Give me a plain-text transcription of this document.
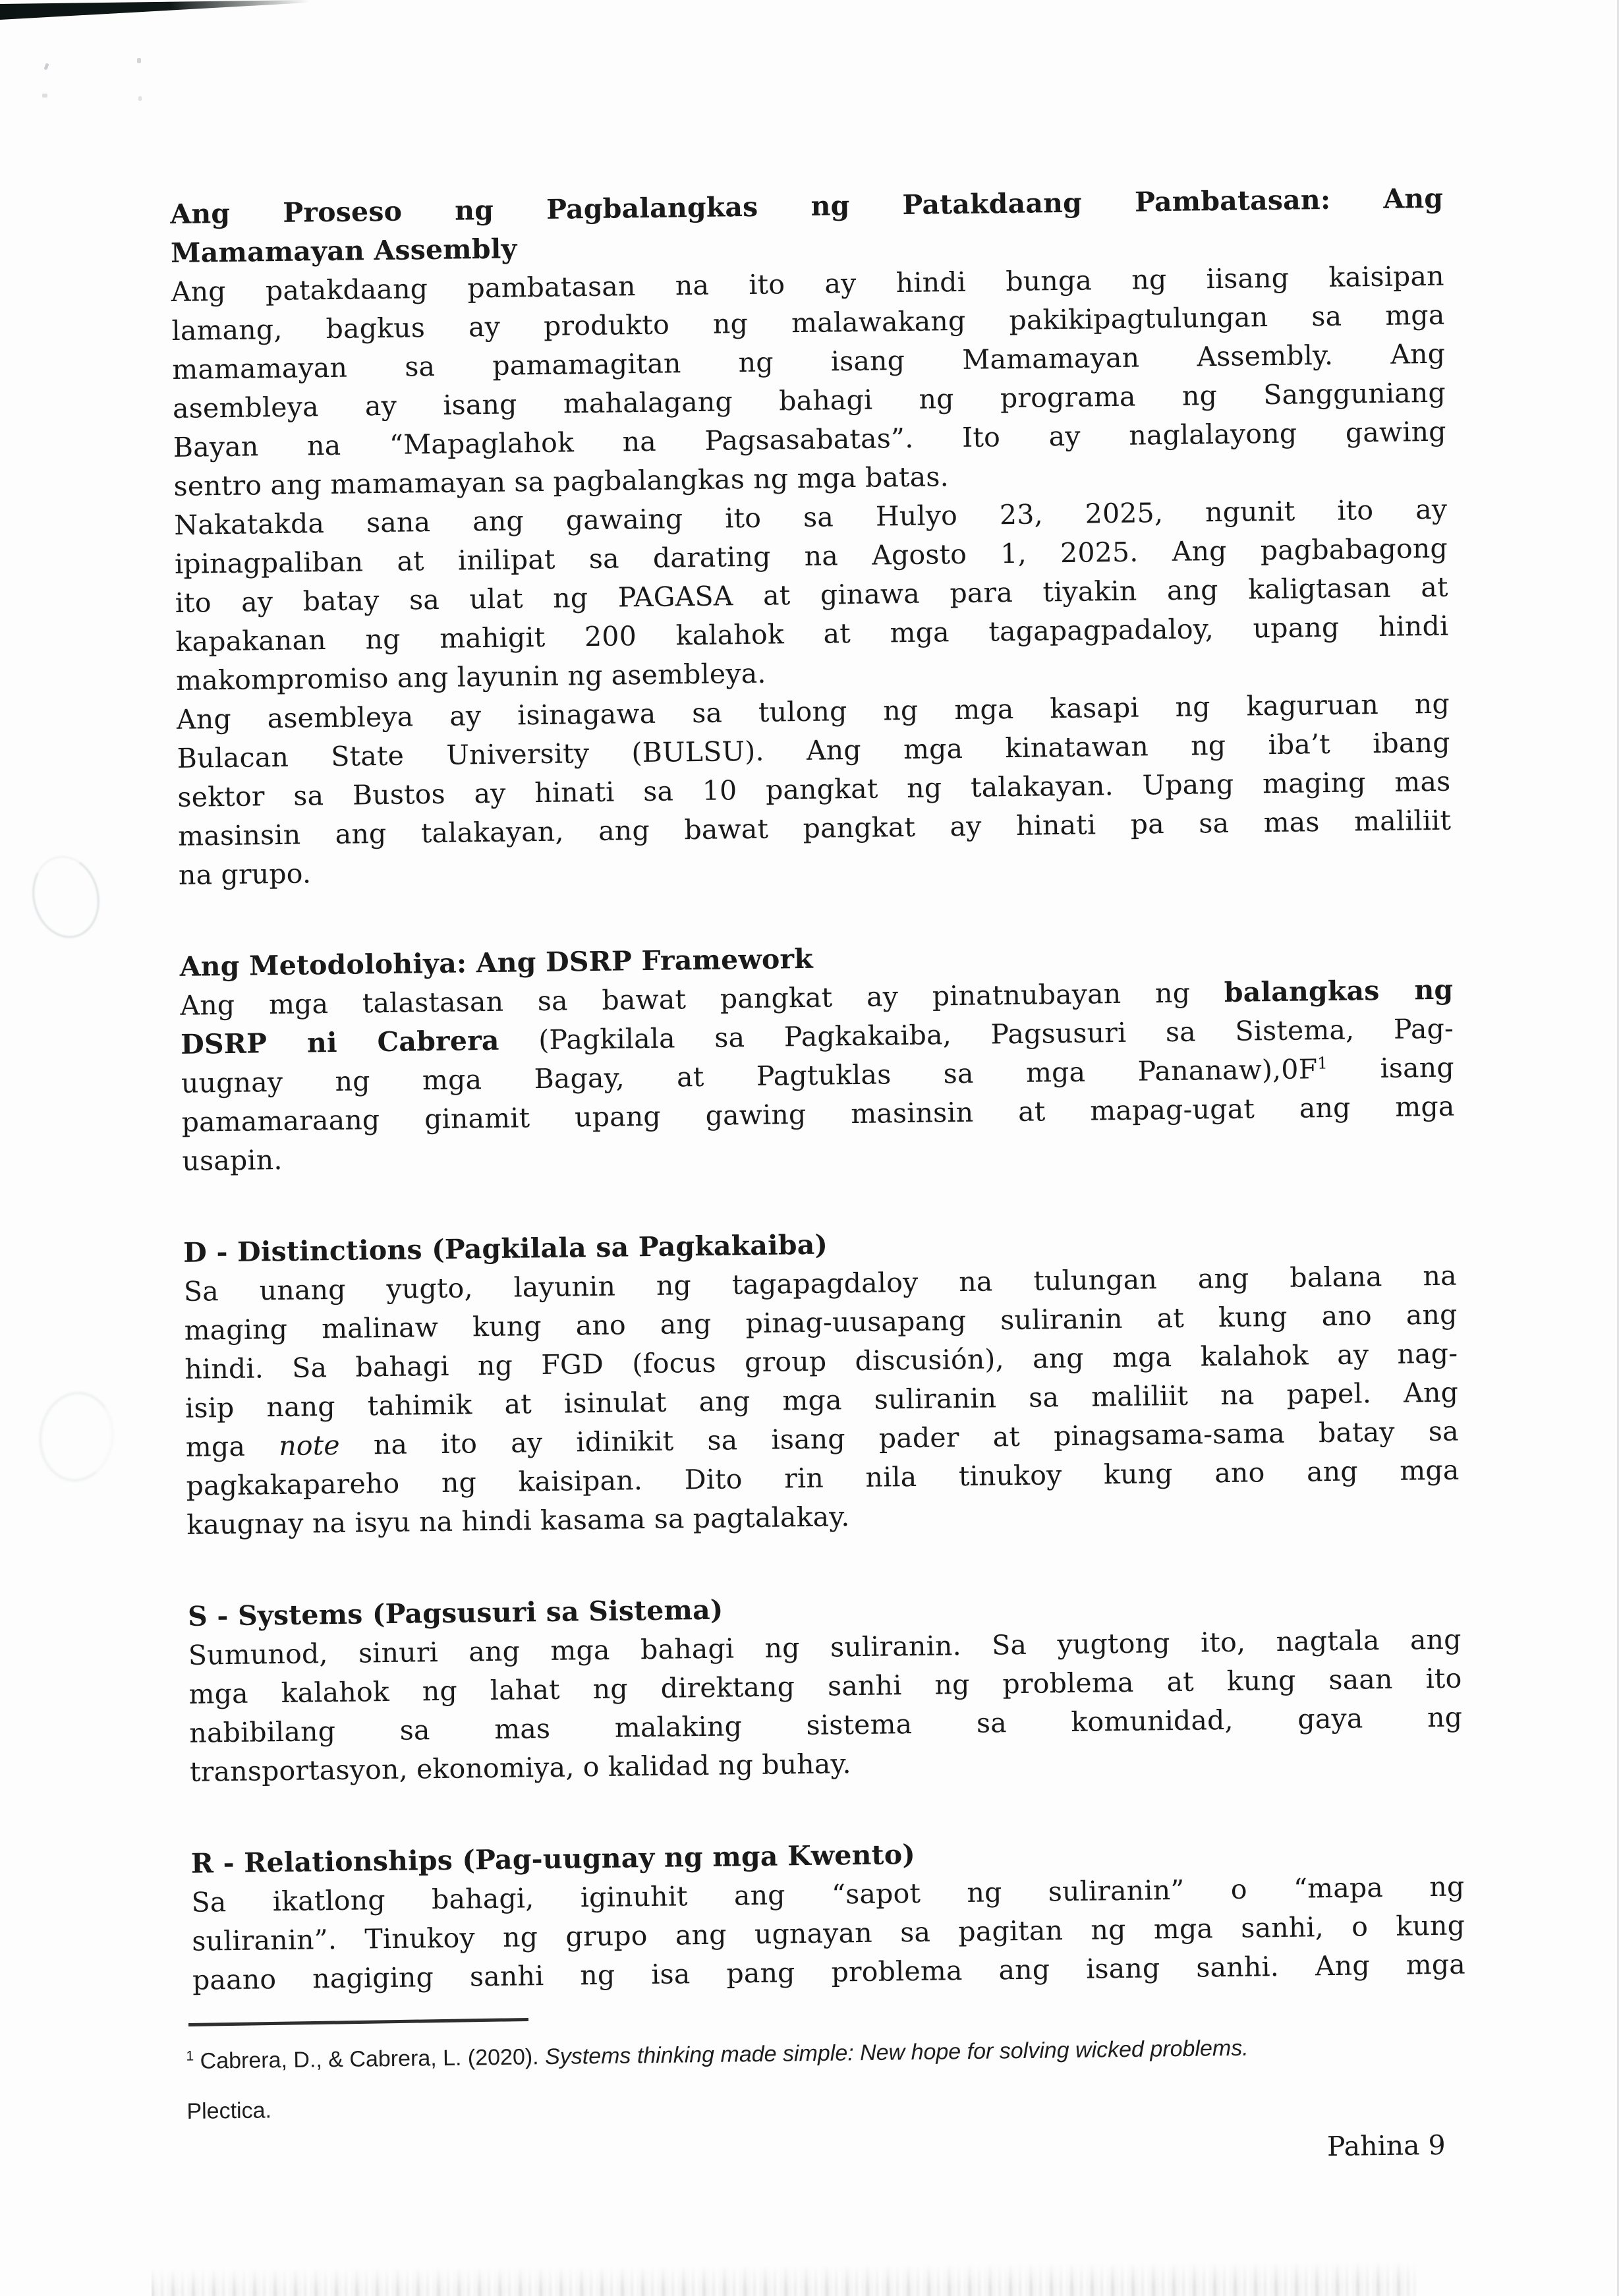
Ang Proseso ng Pagbalangkas ng Patakdaang Pambatasan: Ang
Mamamayan Assembly
Ang patakdaang pambatasan na ito ay hindi bunga ng iisang kaisipan
lamang, bagkus ay produkto ng malawakang pakikipagtulungan sa mga
mamamayan sa pamamagitan ng isang Mamamayan Assembly. Ang
asembleya ay isang mahalagang bahagi ng programa ng Sangguniang
Bayan na “Mapaglahok na Pagsasabatas”. Ito ay naglalayong gawing
sentro ang mamamayan sa pagbalangkas ng mga batas.
Nakatakda sana ang gawaing ito sa Hulyo 23, 2025, ngunit ito ay
ipinagpaliban at inilipat sa darating na Agosto 1, 2025. Ang pagbabagong
ito ay batay sa ulat ng PAGASA at ginawa para tiyakin ang kaligtasan at
kapakanan ng mahigit 200 kalahok at mga tagapagpadaloy, upang hindi
makompromiso ang layunin ng asembleya.
Ang asembleya ay isinagawa sa tulong ng mga kasapi ng kaguruan ng
Bulacan State University (BULSU). Ang mga kinatawan ng iba’t ibang
sektor sa Bustos ay hinati sa 10 pangkat ng talakayan. Upang maging mas
masinsin ang talakayan, ang bawat pangkat ay hinati pa sa mas maliliit
na grupo.
Ang Metodolohiya: Ang DSRP Framework
Ang mga talastasan sa bawat pangkat ay pinatnubayan ng balangkas ng
DSRP ni Cabrera (Pagkilala sa Pagkakaiba, Pagsusuri sa Sistema, Pag-
uugnay ng mga Bagay, at Pagtuklas sa mga $Pananaw),0F^1$ isang
pamamaraang ginamit upang gawing masinsin at mapag-ugat ang mga
usapin.
D - Distinctions (Pagkilala sa Pagkakaiba)
Sa unang yugto, layunin ng tagapagdaloy na tulungan ang balana na
maging malinaw kung ano ang pinag-uusapang suliranin at kung ano ang
hindi. Sa bahagi ng FGD (focus group discusión), ang mga kalahok ay nag-
isip nang tahimik at isinulat ang mga suliranin sa maliliit na papel. Ang
mga note na ito ay idinikit sa isang pader at pinagsama-sama batay sa
pagkakapareho ng kaisipan. Dito rin nila tinukoy kung ano ang mga
kaugnay na isyu na hindi kasama sa pagtalakay.
S - Systems (Pagsusuri sa Sistema)
Sumunod, sinuri ang mga bahagi ng suliranin. Sa yugtong ito, nagtala ang
mga kalahok ng lahat ng direktang sanhi ng problema at kung saan ito
nabibilang sa mas malaking sistema sa komunidad, gaya ng
transportasyon, ekonomiya, o kalidad ng buhay.
R - Relationships (Pag-uugnay ng mga Kwento)
Sa ikatlong bahagi, iginuhit ang “sapot ng suliranin” o “mapa ng
suliranin”. Tinukoy ng grupo ang ugnayan sa pagitan ng mga sanhi, o kung
paano nagiging sanhi ng isa pang problema ang isang sanhi. Ang mga
$^1$ Cabrera, D., & Cabrera, L. (2020). Systems thinking made simple: New hope for solving wicked problems.
Plectica.
Pahina 9
